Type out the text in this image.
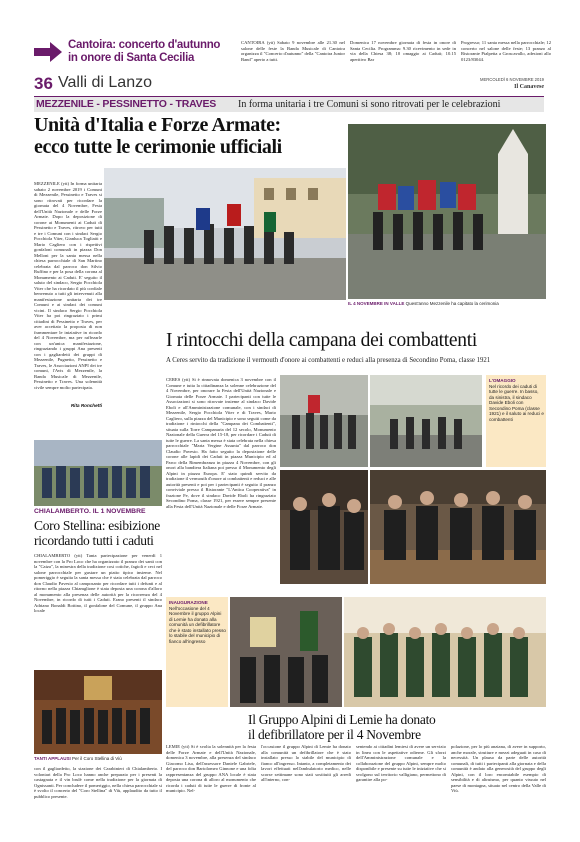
Cantoira: concerto d'autunno
in onore di Santa Cecilia
CANTOIRA (ytt) Sabato 9 novembre alle 21.30 nel salone delle feste la Banda Musicale di Cantoira organizza il "Concerto d'autunno" della "Cantoira Junior Band" aperto a tutti.
Domenica 17 novembre giornata di festa in onore di Santa Cecilia. Programma: 9.30 ricevimento in sede in via della Chiesa 38; 10 omaggio ai Caduti; 10.15 aperitivo Bar
Progresso; 11 santa messa nella parrocchiale; 12 concerto nel salone delle feste; 13 pranzo al Ristorante Pialpetta a Groscavallo, adesioni allo 0123/83044.
36 Valli di Lanzo	MERCOLEDÌ 6 NOVEMBRE 2019
Il Canavese
MEZZENILE - PESSINETTO - TRAVES In forma unitaria i tre Comuni si sono ritrovati per le celebrazioni
Unità d'Italia e Forze Armate:
ecco tutte le cerimonie ufficiali
MEZZENILE (ytt) In forma unitaria sabato 2 novembre 2019 i Comuni di Mezzenile, Pessinetto e Traves si sono ritrovati per ricordare la giornata del 4 Novembre, Festa dell'Unità Nazionale e delle Forze Armate. Dopo la deposizione di corone ai Monumenti ai Caduti di Pessinetto e Traves, ritrovo per tutti e tre i Comuni con i sindaci Sergio Pocchiola Viter, Gianluca Togliatti e Mario Cagliero con i rispettivi gonfaloni comunali in piazza Don Melloni per la santa messa nella chiesa parrocchiale di San Martino celebrata dal parroco don Silvio Ruffino e per la posa della corona al Monumento ai Caduti. E' seguito il saluto del sindaco, Sergio Pocchiola Viter che ha ricordato il più cordiale benvenuto a tutti gli intervenuti alla manifestazione unitaria dei tre Comuni e ai sindaci dei comuni vicini. Il sindaco Sergio Pocchiola Viter ha poi ringraziato i primi cittadini di Pessinetto e Traves, per aver accettato la proposta di non frammentare le iniziative in ricordo del 4 Novembre, ma per raffezarle con un'unica manifestazione, ringraziando i gruppi Ana presenti con i gagliardetti dei gruppi di Mezzenile, Pugnetto, Pessinetto e Traves, le Associazioni ANPI dei tre comuni, l'Avis di Mezzenile, la Banda Musicale di Mezzenile, Pessinetto e Traves. Una solennità civile sempre molto partecipata.
Rita Ronchetti
IL 4 NOVEMBRE IN VALLE Quest'anno Mezzenile ha capitato la cerimonia
I rintocchi della campana dei combattenti
A Ceres servito da tradizione il vermouth d'onore ai combattenti e reduci alla presenza di Secondino Poma, classe 1921
CERES (ytt) Si è rinnovata domenica 3 novembre con il Comune e tutta la cittadinanza la solenne celebrazione del 4 Novembre, per onorare la Festa dell'Unità Nazionale e Giornata delle Forze Armate. I partecipanti con tutte le Associazioni si sono ritrovate insieme al sindaco Davide Eboli e all'Amministrazione comunale, con i sindaci di Mezzenile, Sergio Pocchiola Viter e di Traves, Mario Cagliero, sulla piazza del Municipio e sono seguiti come da tradizione i rintocchi della "Campana dei Combattenti", situata sulla Torre Campanaria del 12 secolo, Monumento Nazionale della Guerra del 15-18, per ricordare i Caduti di tutte le guerre. La santa messa è stata celebrata nella chiesa parrocchiale "Maria Vergine Assunta" dal parroco don Claudio Pavesio. Ha fatto seguito la deposizione delle corone alle lapidi dei Caduti in piazza Municipio ed al Parco della Rimembranza in piazza 4 Novembre, con gli onori alla bandiera Italiana poi presso il Monumento degli Alpini in piazza Europa. E' stato quindi servito da tradizione il vermouth d'onore ai combattenti e reduci e alle autorità presenti e poi per i partecipanti è seguito il pranzo conviviale presso il Ristorante "L'Antica Cooperativa" in frazione Fe, dove il sindaco Davide Eboli ha ringraziato Secondino Poma, classe 1921, per essere sempre presente alla Festa dell'Unità Nazionale e delle Forze Armate.
L'OMAGGIO
Nel ricordo dei caduti di tutte le guerre. In basso, da sinistra, il sindaco Davide Eboli con Secondino Poma (classe 1921) e il saluto ai reduci e combattenti
CHIALAMBERTO. IL 1 NOVEMBRE
Coro Stellina: esibizione
ricordando tutti i caduti
CHIALAMBERTO (ytt) Tanta partecipazione per venerdì 1 novembre con la Pro Loco che ha organizzato il pranzo dei santi con la "Caiza", la minestra della tradizione cosi cotiche, fagioli e ceci nel salone parrocchiale per gustare un piatto tipico insieme. Nel pomeriggio è seguita la santa messa che è stata celebrata dal parroco don Claudio Pavesio al camposanto per ricordare tutti i defunti e al ritorno nella piazza Chiamglione è stata deposta una corona d'alloro al monumento alla presenza delle autorità per la ricorrenza del 4 Novembre, in ricordo di tutti i Caduti. Erano presenti il sindaco Adriano Bonaldi Bottino, il gonfalone del Comune, il gruppo Ana locale
TANTI APPLAUSI Per il Coro Stellina di Viù
con il gagliardetto, la stazione dei Carabinieri di Chialamberto. I volontari della Pro Loco hanno anche preparato per i presenti la castagnata e il vin brulè come nella tradizione per la giornata di Ognissanti. Per concludere il pomeriggio, nella chiesa parrocchiale si è svolto il concerto del "Coro Stellina" di Viù, applaudito da tutto il pubblico presente.
INAUGURAZIONE
Nell'occasione del 4 Novembre il gruppo Alpini di Lemie ha donato alla comunità un defibrillatore che è stato installato presso lo stabile del municipio di fianco all'ingresso
Il Gruppo Alpini di Lemie ha donato
il defibrillatore per il 4 Novembre
LEMIE (ytt) Si è svolta la solennità per la festa delle Forze Armate e dell'Unità Nazionale, domenica 3 novembre, alla presenza del sindaco Giacomo Lisa, dell'assessore Daniele Gabriele, del parroco don Bartolomeo Ginnone e una folta rappresentanza del gruppo ANA locale è stata deposta una corona di alloro al monumento che ricorda i caduti di tutte le guerre di fronte al municipio. Nel-
l'occasione il gruppo Alpini di Lemie ha donato alla comunità un defibrillatore che è stato installato presso lo stabile del municipio di fianco all'ingresso. Intanto, a completamento dei lavori effettuati nell'ambulatorio medico, nelle scorse settimane sono stati sostituiti gli arredi all'interno, con-
sentendo ai cittadini lemiesi di avere un servizio in linea con le aspettative odierne. Gli sforzi dell'Amministrazione comunale e la collaborazione del gruppo Alpini, sempre molto disponibile e presente su tutte le iniziative che si svolgono sul territorio valligiano, permettono di garantire alla po-
polazione, per lo più anziana, di avere in supporto, anche morale, strutture e mezzi adeguati in caso di necessità. Un plauso da parte delle autorità comunali, di tutti i partecipanti alla giornata e della comunità è andato alla generosità del gruppo degli Alpini, con il loro encomiabile esempio di sensibilità e di altruismo, per quanto vissuto nel paese di montagna, situato nel centro della Valle di Viù.
